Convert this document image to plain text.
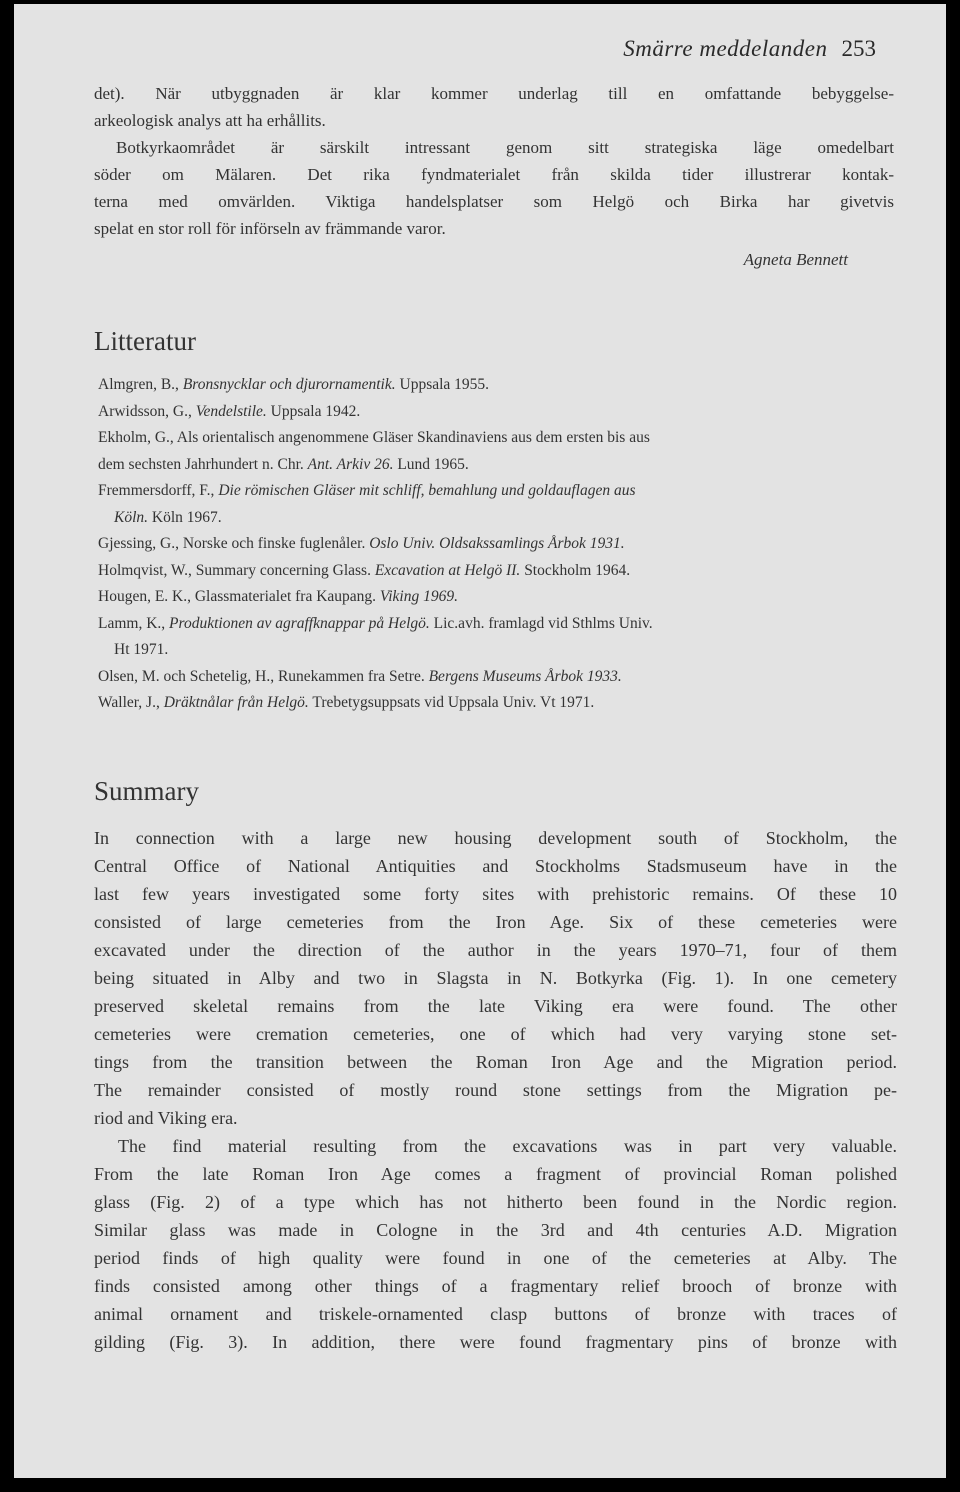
Smärre meddelanden 253
det). När utbyggnaden är klar kommer underlag till en omfattande bebyggelse-
arkeologisk analys att ha erhållits.
Botkyrkaområdet är särskilt intressant genom sitt strategiska läge omedelbart
söder om Mälaren. Det rika fyndmaterialet från skilda tider illustrerar kontak-
terna med omvärlden. Viktiga handelsplatser som Helgö och Birka har givetvis
spelat en stor roll för införseln av främmande varor.
Agneta Bennett
Litteratur
Almgren, B., Bronsnycklar och djurornamentik. Uppsala 1955.
Arwidsson, G., Vendelstile. Uppsala 1942.
Ekholm, G., Als orientalisch angenommene Gläser Skandinaviens aus dem ersten bis aus
dem sechsten Jahrhundert n. Chr. Ant. Arkiv 26. Lund 1965.
Fremmersdorff, F., Die römischen Gläser mit schliff, bemahlung und goldauflagen aus
Köln. Köln 1967.
Gjessing, G., Norske och finske fuglenåler. Oslo Univ. Oldsakssamlings Årbok 1931.
Holmqvist, W., Summary concerning Glass. Excavation at Helgö II. Stockholm 1964.
Hougen, E. K., Glassmaterialet fra Kaupang. Viking 1969.
Lamm, K., Produktionen av agraffknappar på Helgö. Lic.avh. framlagd vid Sthlms Univ.
Ht 1971.
Olsen, M. och Schetelig, H., Runekammen fra Setre. Bergens Museums Årbok 1933.
Waller, J., Dräktnålar från Helgö. Trebetygsuppsats vid Uppsala Univ. Vt 1971.
Summary
In connection with a large new housing development south of Stockholm, the
Central Office of National Antiquities and Stockholms Stadsmuseum have in the
last few years investigated some forty sites with prehistoric remains. Of these 10
consisted of large cemeteries from the Iron Age. Six of these cemeteries were
excavated under the direction of the author in the years 1970–71, four of them
being situated in Alby and two in Slagsta in N. Botkyrka (Fig. 1). In one cemetery
preserved skeletal remains from the late Viking era were found. The other
cemeteries were cremation cemeteries, one of which had very varying stone set-
tings from the transition between the Roman Iron Age and the Migration period.
The remainder consisted of mostly round stone settings from the Migration pe-
riod and Viking era.
The find material resulting from the excavations was in part very valuable.
From the late Roman Iron Age comes a fragment of provincial Roman polished
glass (Fig. 2) of a type which has not hitherto been found in the Nordic region.
Similar glass was made in Cologne in the 3rd and 4th centuries A.D. Migration
period finds of high quality were found in one of the cemeteries at Alby. The
finds consisted among other things of a fragmentary relief brooch of bronze with
animal ornament and triskele-ornamented clasp buttons of bronze with traces of
gilding (Fig. 3). In addition, there were found fragmentary pins of bronze with
